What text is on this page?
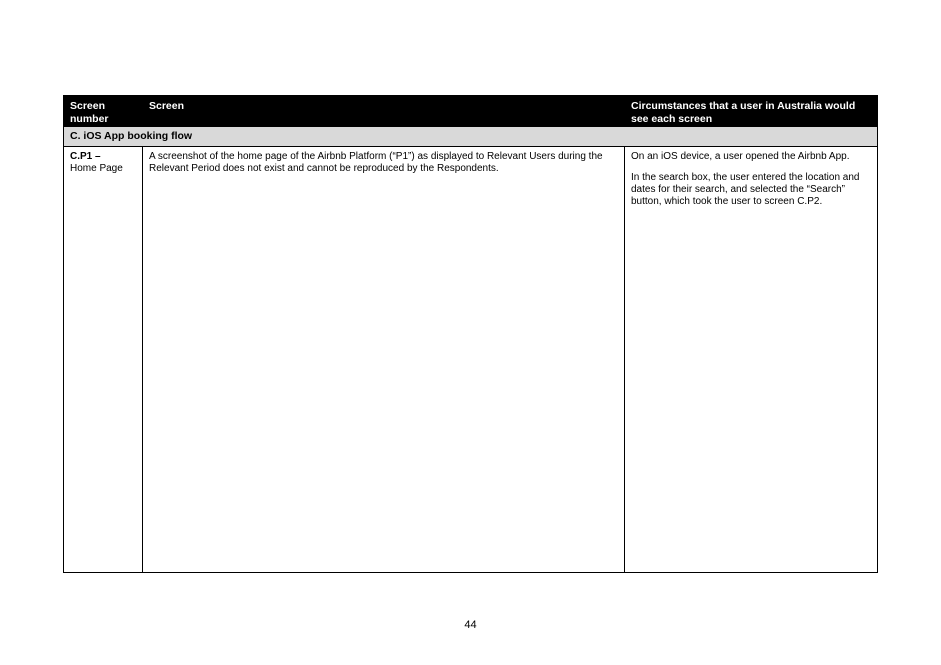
Screen number
Screen	Circumstances that a user in Australia would see each screen
C. iOS App booking flow
C.P1 –
Home Page
A screenshot of the home page of the Airbnb Platform (“P1”) as displayed to Relevant Users during the Relevant Period does not exist and cannot be reproduced by the Respondents.

On an iOS device, a user opened the Airbnb App.

In the search box, the user entered the location and dates for their search, and selected the “Search” button, which took the user to screen C.P2.

44
